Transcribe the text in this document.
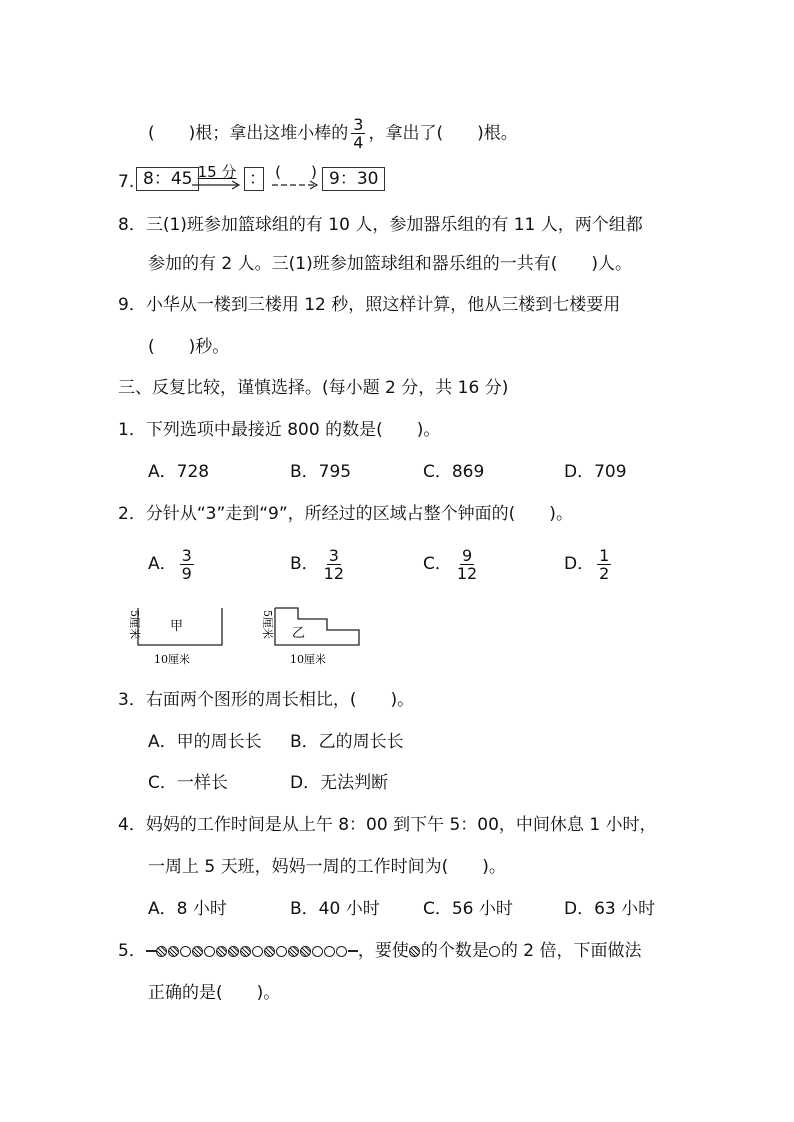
(　　)根；拿出这堆小棒的 $\frac{3}{4}$ ，拿出了(　　)根。
7. 8：45 15 分 ： (　　) 9：30
8．三(1)班参加篮球组的有 10 人，参加器乐组的有 11 人，两个组都
参加的有 2 人。三(1)班参加篮球组和器乐组的一共有(　　)人。
9．小华从一楼到三楼用 12 秒，照这样计算，他从三楼到七楼要用
(　　)秒。
三、反复比较，谨慎选择。(每小题 2 分，共 16 分)
1．下列选项中最接近 800 的数是(　　)。
A．728	B．795	C．869	D．709
2．分针从“3”走到“9”，所经过的区域占整个钟面的(　　)。
A． $\frac{3}{9}$	B． $\frac{3}{12}$	C． $\frac{9}{12}$	D． $\frac{1}{2}$
5厘米 甲
10厘米
5厘米 乙
10厘米
3．右面两个图形的周长相比，(　　)。
A．甲的周长长 B．乙的周长长
C．一样长	D．无法判断
4．妈妈的工作时间是从上午 8：00 到下午 5：00，中间休息 1 小时，
一周上 5 天班，妈妈一周的工作时间为(　　)。
A．8 小时	B．40 小时	C．56 小时	D．63 小时
5．	，要使 的个数是 的 2 倍，下面做法
正确的是(　　)。
